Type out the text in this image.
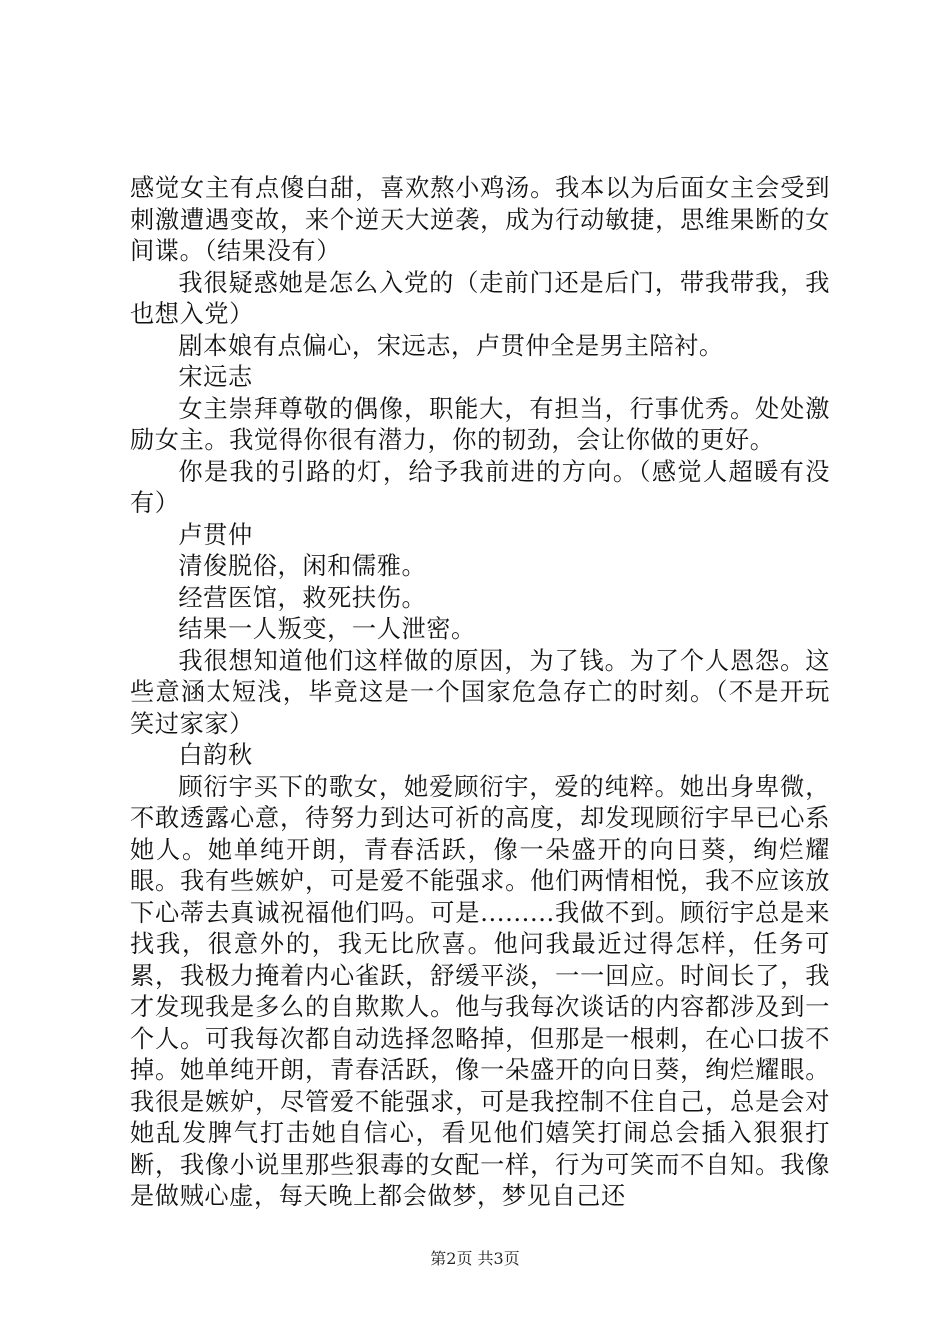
感觉女主有点傻白甜，喜欢熬小鸡汤。我本以为后面女主会受到刺激遭遇变故，来个逆天大逆袭，成为行动敏捷，思维果断的女间谍。（结果没有）

我很疑惑她是怎么入党的（走前门还是后门，带我带我，我也想入党）

剧本娘有点偏心，宋远志，卢贯仲全是男主陪衬。

宋远志

女主崇拜尊敬的偶像，职能大，有担当，行事优秀。处处激励女主。我觉得你很有潜力，你的韧劲，会让你做的更好。

你是我的引路的灯，给予我前进的方向。（感觉人超暖有没有）

卢贯仲

清俊脱俗，闲和儒雅。

经营医馆，救死扶伤。

结果一人叛变，一人泄密。

我很想知道他们这样做的原因，为了钱。为了个人恩怨。这些意涵太短浅，毕竟这是一个国家危急存亡的时刻。（不是开玩笑过家家）

白韵秋

顾衍宇买下的歌女，她爱顾衍宇，爱的纯粹。她出身卑微，不敢透露心意，待努力到达可祈的高度，却发现顾衍宇早已心系她人。她单纯开朗，青春活跃，像一朵盛开的向日葵，绚烂耀眼。我有些嫉妒，可是爱不能强求。他们两情相悦，我不应该放下心蒂去真诚祝福他们吗。可是.........我做不到。顾衍宇总是来找我，很意外的，我无比欣喜。他问我最近过得怎样，任务可累，我极力掩着内心雀跃，舒缓平淡，一一回应。时间长了，我才发现我是多么的自欺欺人。他与我每次谈话的内容都涉及到一个人。可我每次都自动选择忽略掉，但那是一根刺，在心口拔不掉。她单纯开朗，青春活跃，像一朵盛开的向日葵，绚烂耀眼。我很是嫉妒，尽管爱不能强求，可是我控制不住自己，总是会对她乱发脾气打击她自信心，看见他们嬉笑打闹总会插入狠狠打断，我像小说里那些狠毒的女配一样，行为可笑而不自知。我像是做贼心虚，每天晚上都会做梦，梦见自己还

第2页 共3页
